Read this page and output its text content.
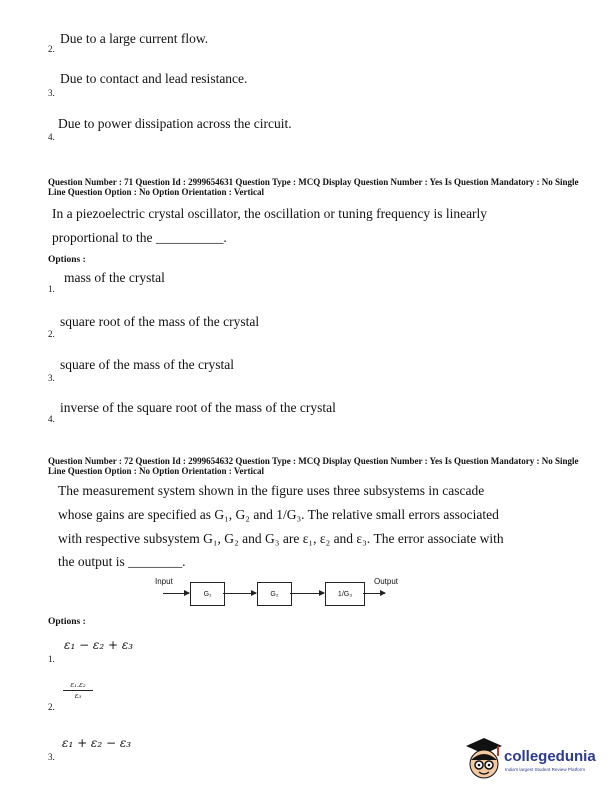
Due to a large current flow.
2.
Due to contact and lead resistance.
3.
Due to power dissipation across the circuit.
4.
Question Number : 71 Question Id : 2999654631 Question Type : MCQ Display Question Number : Yes Is Question Mandatory : No Single Line Question Option : No Option Orientation : Vertical
In a piezoelectric crystal oscillator, the oscillation or tuning frequency is linearly
proportional to the __________.
Options :
mass of the crystal
1.
square root of the mass of the crystal
2.
square of the mass of the crystal
3.
inverse of the square root of the mass of the crystal
4.
Question Number : 72 Question Id : 2999654632 Question Type : MCQ Display Question Number : Yes Is Question Mandatory : No Single Line Question Option : No Option Orientation : Vertical
The measurement system shown in the figure uses three subsystems in cascade
whose gains are specified as G₁, G₂ and 1/G₃. The relative small errors associated
with respective subsystem G₁, G₂ and G₃ are ε₁, ε₂ and ε₃. The error associate with
the output is ________.
Input	Output
G₁	G₂	1/G₃
Options :
ε₁ − ε₂ + ε₃
1.
ε₁.ε₂
ε₃
2.
ε₁ + ε₂ − ε₃
3.	collegedunia
India's largest Student Review Platform
